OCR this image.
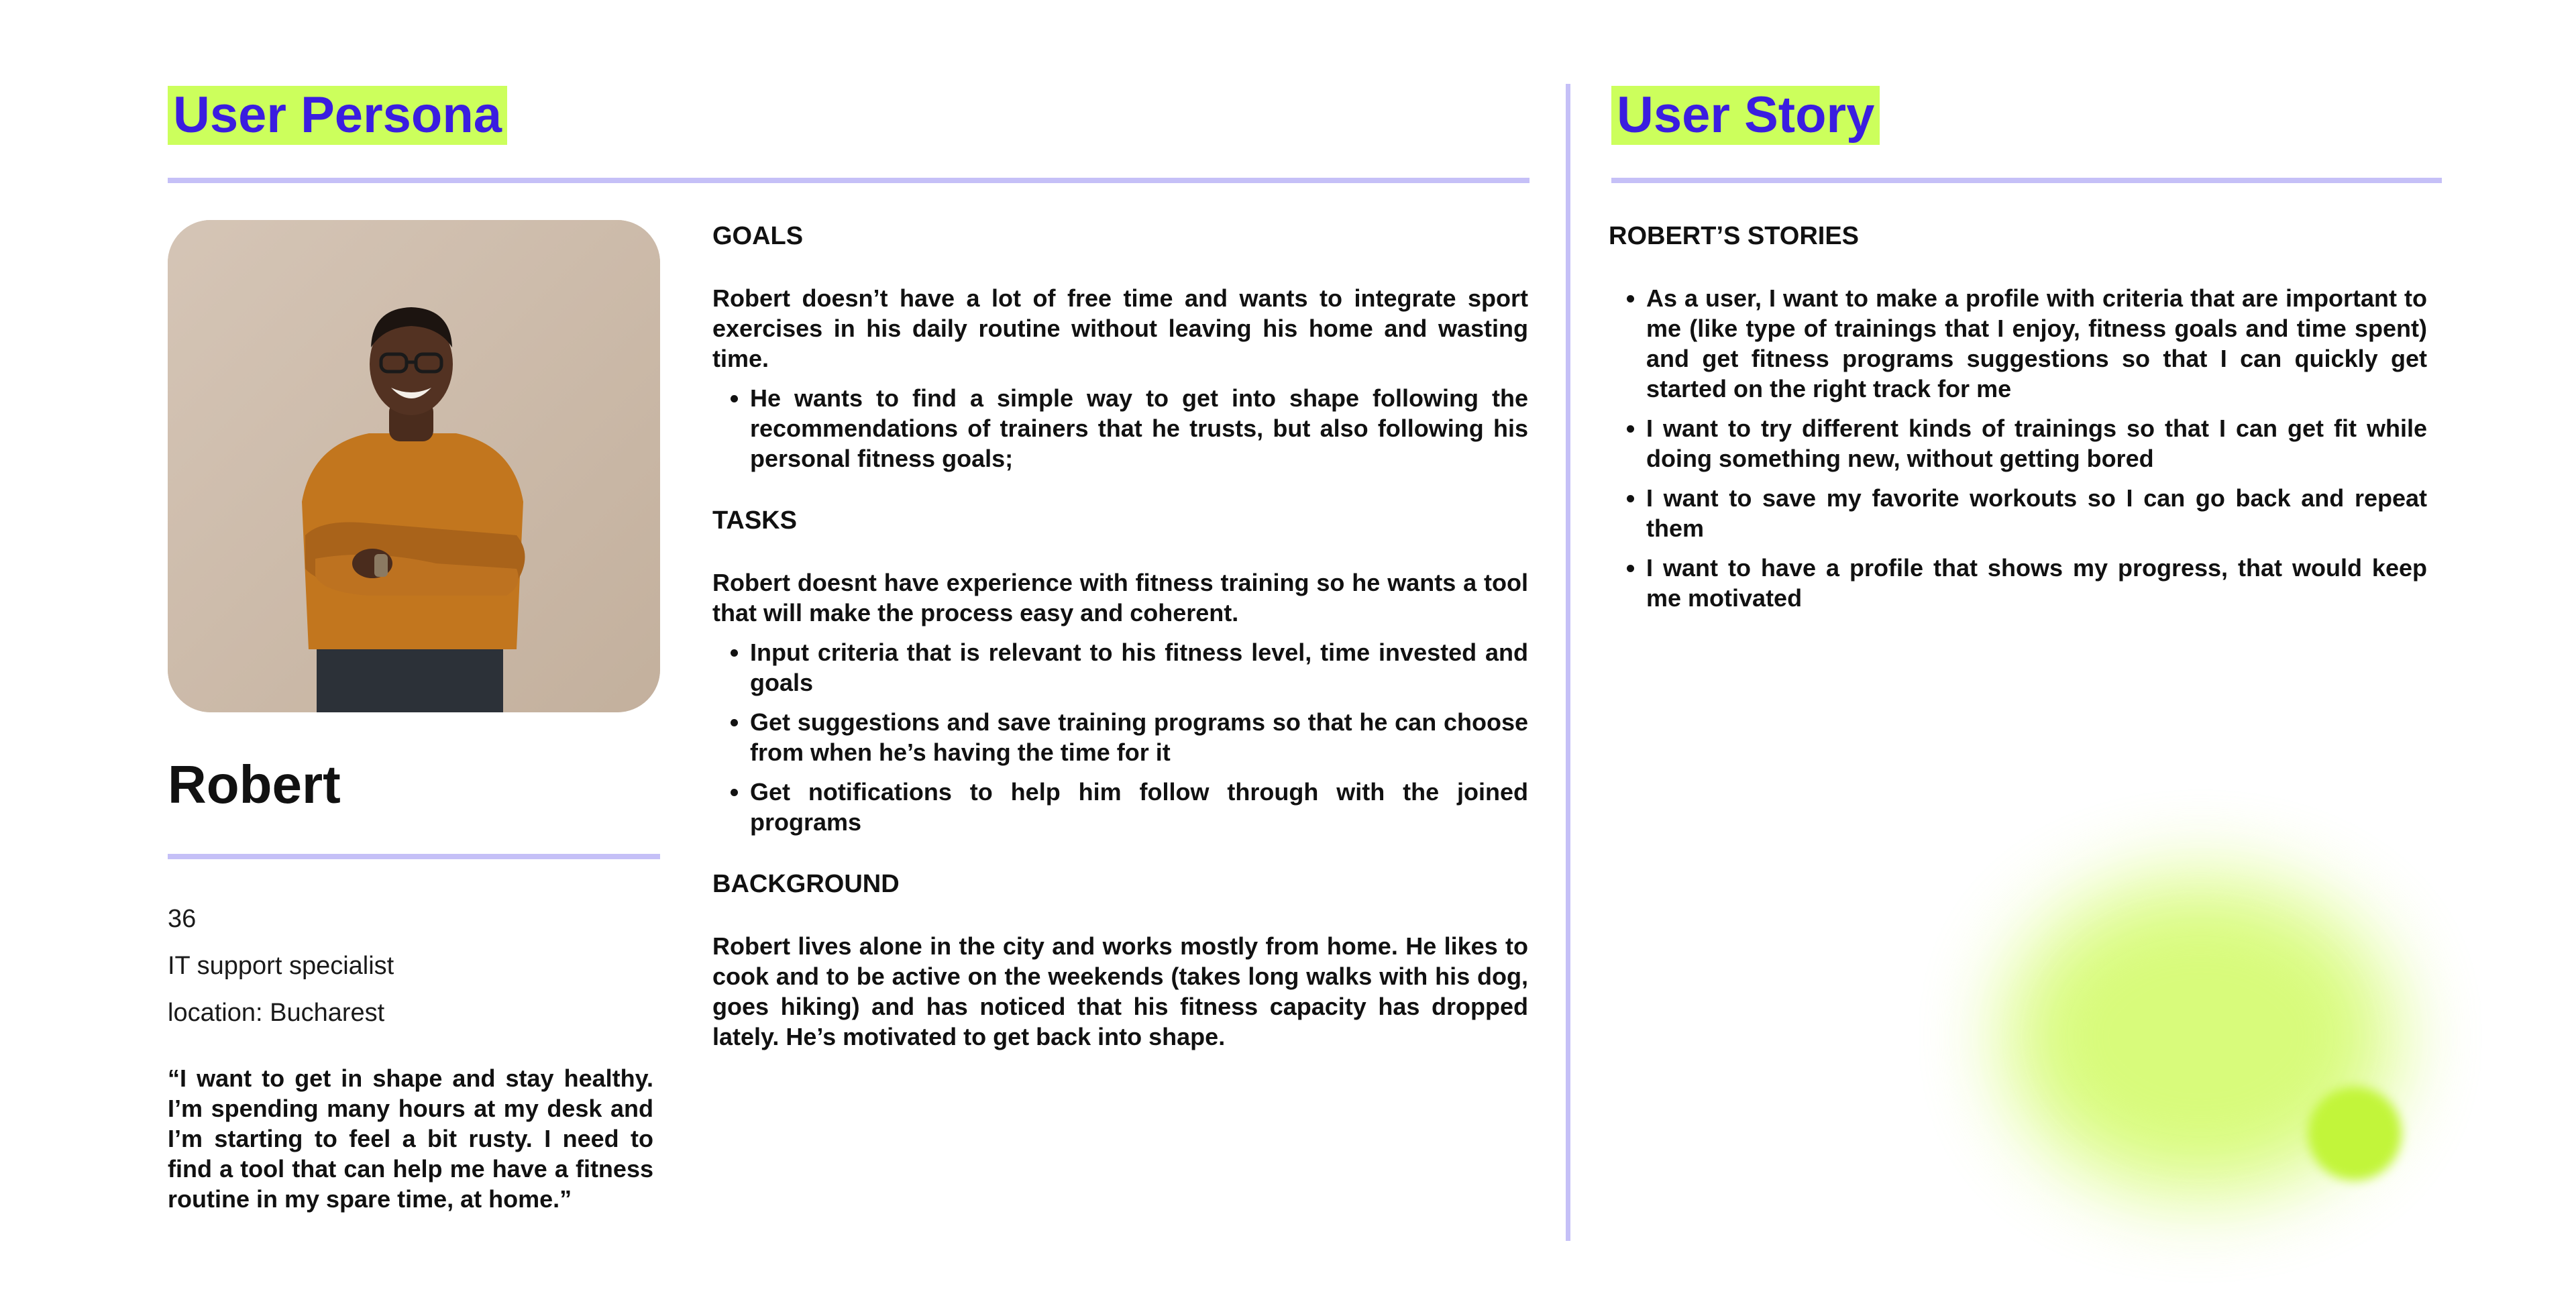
User Persona	User Story
Robert
36
IT support specialist
location: Bucharest

“I want to get in shape and stay healthy. I’m spending many hours at my desk and I’m starting to feel a bit rusty. I need to find a tool that can help me have a fitness routine in my spare time, at home.”

GOALS

Robert doesn’t have a lot of free time and wants to integrate sport exercises in his daily routine without leaving his home and wasting time.

• He wants to find a simple way to get into shape following the recommendations of trainers that he trusts, but also following his personal fitness goals;
TASKS

Robert doesnt have experience with fitness training so he wants a tool that will make the process easy and coherent.

• Input criteria that is relevant to his fitness level, time invested and goals
• Get suggestions and save training programs so that he can choose from when he’s having the time for it
• Get notifications to help him follow through with the joined programs
BACKGROUND

Robert lives alone in the city and works mostly from home. He likes to cook and to be active on the weekends (takes long walks with his dog, goes hiking) and has noticed that his fitness capacity has dropped lately. He’s motivated to get back into shape.

ROBERT’S STORIES
• As a user, I want to make a profile with criteria that are important to me (like type of trainings that I enjoy, fitness goals and time spent) and get fitness programs suggestions so that I can quickly get started on the right track for me
• I want to try different kinds of trainings so that I can get fit while doing something new, without getting bored
• I want to save my favorite workouts so I can go back and repeat them
• I want to have a profile that shows my progress, that would keep me motivated
